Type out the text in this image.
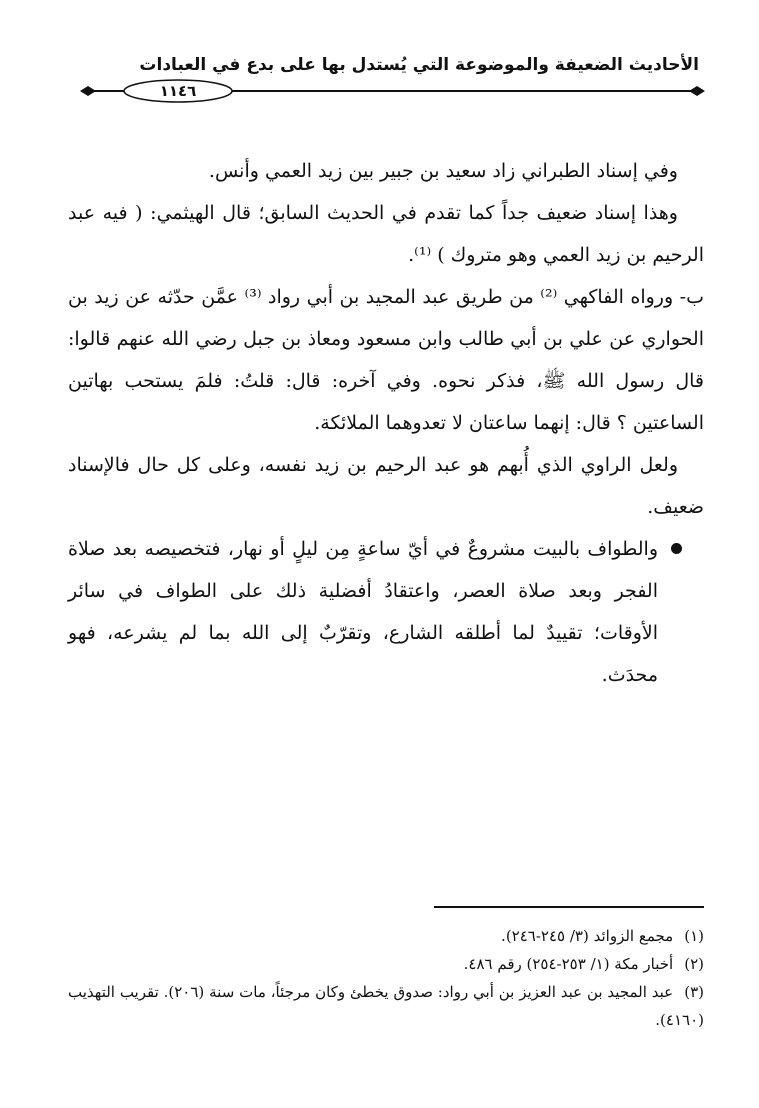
الأحاديث الضعيفة والموضوعة التي يُستدل بها على بدع في العبادات
١١٤٦

وفي إسناد الطبراني زاد سعيد بن جبير بين زيد العمي وأنس.

وهذا إسناد ضعيف جداً كما تقدم في الحديث السابق؛ قال الهيثمي: ( فيه عبد الرحيم بن زيد العمي وهو متروك ) ⁽¹⁾.

ب- ورواه الفاكهي ⁽²⁾ من طريق عبد المجيد بن أبي رواد ⁽³⁾ عمَّن حدّثه عن زيد بن الحواري عن علي بن أبي طالب وابن مسعود ومعاذ بن جبل رضي الله عنهم قالوا: قال رسول الله ﷺ، فذكر نحوه. وفي آخره: قال: قلتُ: فلمَ يستحب بهاتين الساعتين ؟ قال: إنهما ساعتان لا تعدوهما الملائكة.

ولعل الراوي الذي أُبهم هو عبد الرحيم بن زيد نفسه، وعلى كل حال فالإسناد ضعيف.

والطواف بالبيت مشروعٌ في أيّ ساعةٍ مِن ليلٍ أو نهار، فتخصيصه بعد صلاة الفجر وبعد صلاة العصر، واعتقادُ أفضلية ذلك على الطواف في سائر الأوقات؛ تقييدٌ لما أطلقه الشارع، وتقرّبٌ إلى الله بما لم يشرعه، فهو محدَث.

(١) مجمع الزوائد (٣/ ٢٤٥-٢٤٦).

(٢) أخبار مكة (١/ ٢٥٣-٢٥٤) رقم ٤٨٦.

(٣) عبد المجيد بن عبد العزيز بن أبي رواد: صدوق يخطئ وكان مرجئاً، مات سنة (٢٠٦). تقريب التهذيب (٤١٦٠).
